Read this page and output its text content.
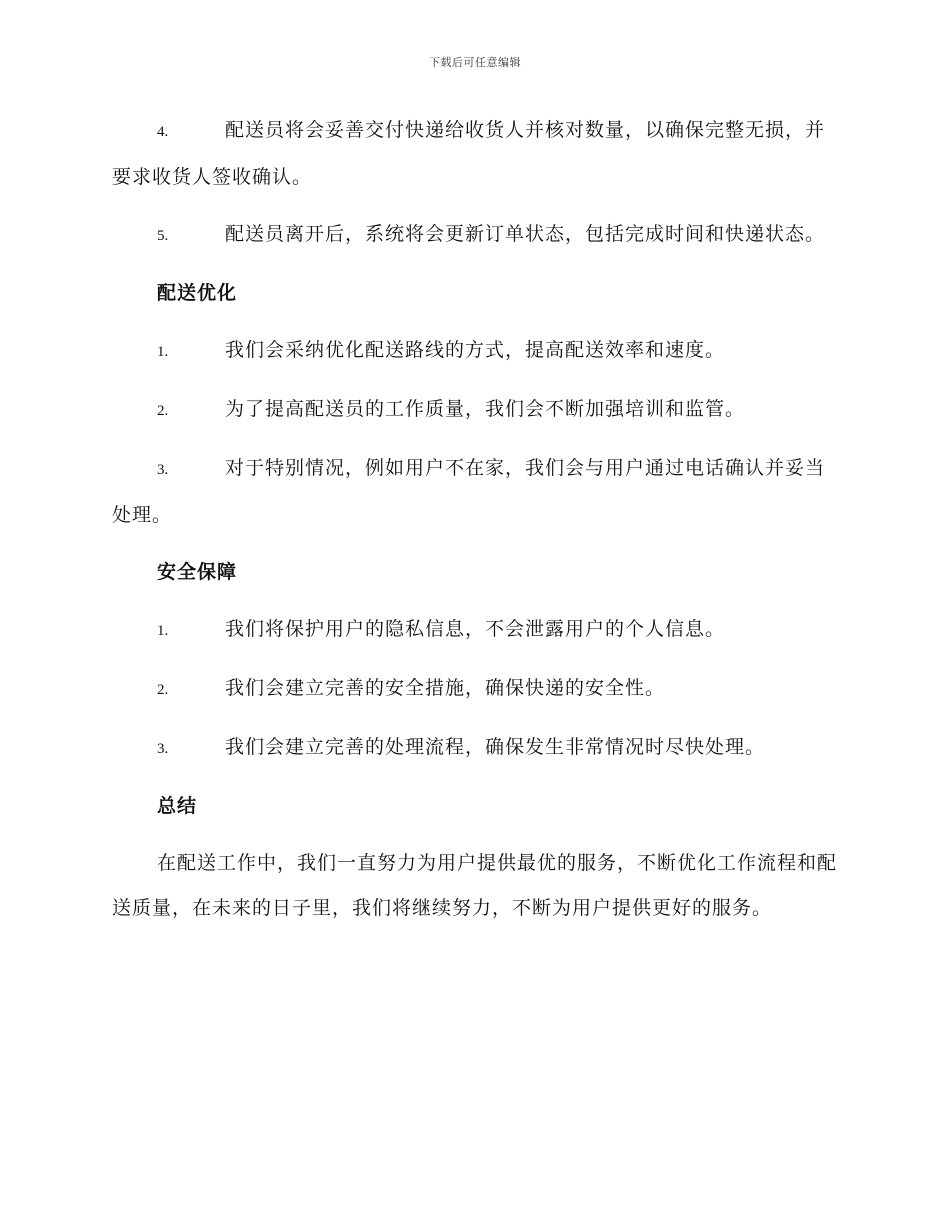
下载后可任意编辑
4.	配送员将会妥善交付快递给收货人并核对数量，以确保完整无损，并要求收货人签收确认。
5.	配送员离开后，系统将会更新订单状态，包括完成时间和快递状态。
配送优化
1.	我们会采纳优化配送路线的方式，提高配送效率和速度。
2.	为了提高配送员的工作质量，我们会不断加强培训和监管。
3.	对于特别情况，例如用户不在家，我们会与用户通过电话确认并妥当处理。
安全保障
1.	我们将保护用户的隐私信息，不会泄露用户的个人信息。
2.	我们会建立完善的安全措施，确保快递的安全性。
3.	我们会建立完善的处理流程，确保发生非常情况时尽快处理。
总结

在配送工作中，我们一直努力为用户提供最优的服务，不断优化工作流程和配送质量，在未来的日子里，我们将继续努力，不断为用户提供更好的服务。
